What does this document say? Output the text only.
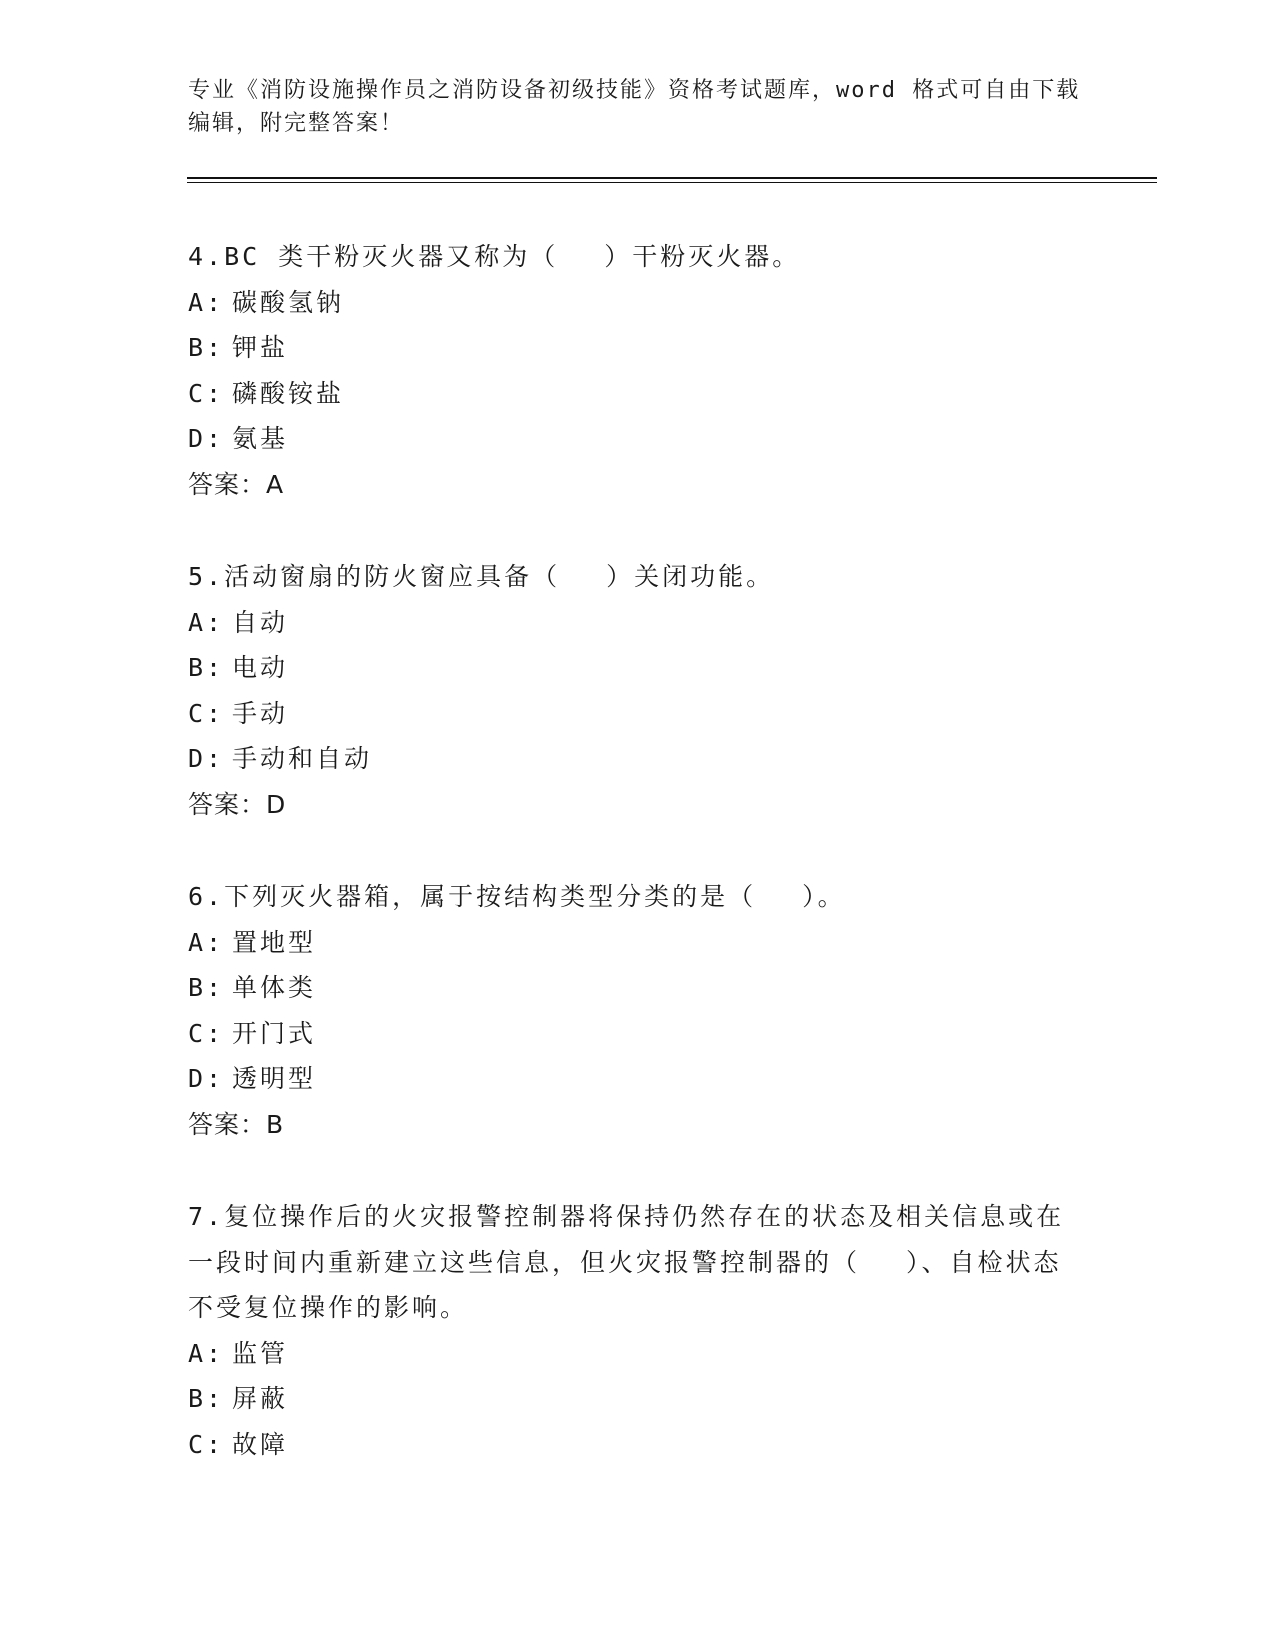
专业《消防设施操作员之消防设备初级技能》资格考试题库，word 格式可自由下载编辑，附完整答案！
4.BC 类干粉灭火器又称为（　 ）干粉灭火器。
A: 碳酸氢钠
B: 钾盐
C: 磷酸铵盐
D: 氨基
答案：A
5.活动窗扇的防火窗应具备（　 ）关闭功能。
A: 自动
B: 电动
C: 手动
D: 手动和自动
答案：D
6.下列灭火器箱，属于按结构类型分类的是（　 ）。
A: 置地型
B: 单体类
C: 开门式
D: 透明型
答案：B
7.复位操作后的火灾报警控制器将保持仍然存在的状态及相关信息或在一段时间内重新建立这些信息，但火灾报警控制器的（　 ）、自检状态不受复位操作的影响。
A: 监管
B: 屏蔽
C: 故障
